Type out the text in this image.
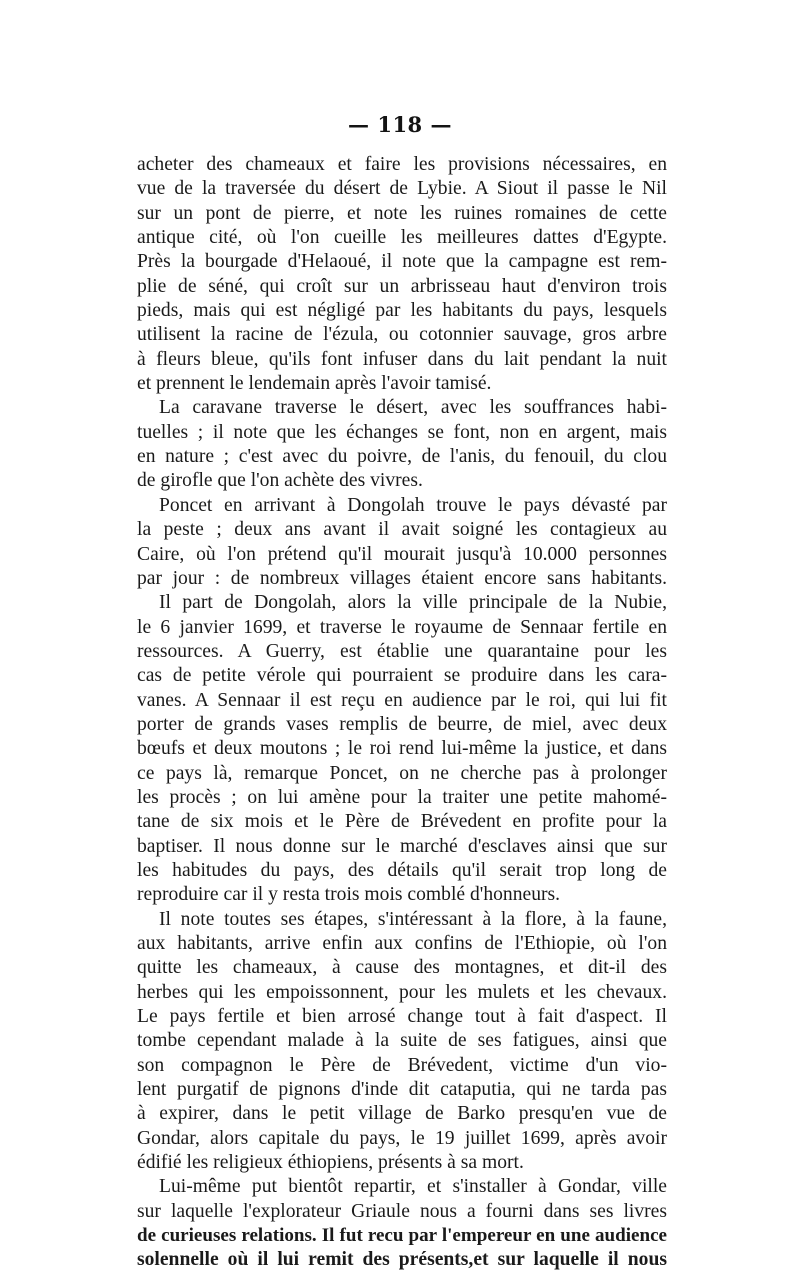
— 118 —
acheter des chameaux et faire les provisions nécessaires, en
vue de la traversée du désert de Lybie. A Siout il passe le Nil
sur un pont de pierre, et note les ruines romaines de cette
antique cité, où l'on cueille les meilleures dattes d'Egypte.
Près la bourgade d'Helaoué, il note que la campagne est rem-
plie de séné, qui croît sur un arbrisseau haut d'environ trois
pieds, mais qui est négligé par les habitants du pays, lesquels
utilisent la racine de l'ézula, ou cotonnier sauvage, gros arbre
à fleurs bleue, qu'ils font infuser dans du lait pendant la nuit
et prennent le lendemain après l'avoir tamisé.
La caravane traverse le désert, avec les souffrances habi-
tuelles ; il note que les échanges se font, non en argent, mais
en nature ; c'est avec du poivre, de l'anis, du fenouil, du clou
de girofle que l'on achète des vivres.
Poncet en arrivant à Dongolah trouve le pays dévasté par
la peste ; deux ans avant il avait soigné les contagieux au
Caire, où l'on prétend qu'il mourait jusqu'à 10.000 personnes
par jour : de nombreux villages étaient encore sans habitants.
Il part de Dongolah, alors la ville principale de la Nubie,
le 6 janvier 1699, et traverse le royaume de Sennaar fertile en
ressources. A Guerry, est établie une quarantaine pour les
cas de petite vérole qui pourraient se produire dans les cara-
vanes. A Sennaar il est reçu en audience par le roi, qui lui fit
porter de grands vases remplis de beurre, de miel, avec deux
bœufs et deux moutons ; le roi rend lui-même la justice, et dans
ce pays là, remarque Poncet, on ne cherche pas à prolonger
les procès ; on lui amène pour la traiter une petite mahomé-
tane de six mois et le Père de Brévedent en profite pour la
baptiser. Il nous donne sur le marché d'esclaves ainsi que sur
les habitudes du pays, des détails qu'il serait trop long de
reproduire car il y resta trois mois comblé d'honneurs.
Il note toutes ses étapes, s'intéressant à la flore, à la faune,
aux habitants, arrive enfin aux confins de l'Ethiopie, où l'on
quitte les chameaux, à cause des montagnes, et dit-il des
herbes qui les empoissonnent, pour les mulets et les chevaux.
Le pays fertile et bien arrosé change tout à fait d'aspect. Il
tombe cependant malade à la suite de ses fatigues, ainsi que
son compagnon le Père de Brévedent, victime d'un vio-
lent purgatif de pignons d'inde dit cataputia, qui ne tarda pas
à expirer, dans le petit village de Barko presqu'en vue de
Gondar, alors capitale du pays, le 19 juillet 1699, après avoir
édifié les religieux éthiopiens, présents à sa mort.
Lui-même put bientôt repartir, et s'installer à Gondar, ville
sur laquelle l'explorateur Griaule nous a fourni dans ses livres
de curieuses relations. Il fut recu par l'empereur en une audience
solennelle où il lui remit des présents,et sur laquelle il nous
